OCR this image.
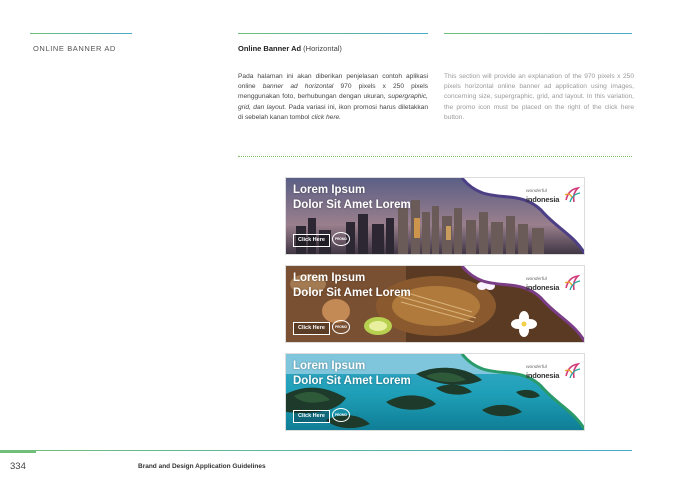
ONLINE BANNER AD	Online Banner Ad (Horizontal)
Pada halaman ini akan diberikan penjelasan contoh aplikasi online banner ad horizontal 970 pixels x 250 pixels menggunakan foto, berhubungan dengan ukuran, supergraphic, grid, dan layout. Pada variasi ini, ikon promosi harus diletakkan di sebelah kanan tombol click here.
This section will provide an explanation of the 970 pixels x 250 pixels horizontal online banner ad application using images, concerning size, supergraphic, grid, and layout. In this variation, the promo icon must be placed on the right of the click here button.
Lorem Ipsum
Dolor Sit Amet Lorem
Click Here	PROMO
wonderful
indonesia
Lorem Ipsum
Dolor Sit Amet Lorem
Click Here	PROMO
wonderful
indonesia
Lorem Ipsum
Dolor Sit Amet Lorem
Click Here	PROMO
wonderful
indonesia
334	Brand and Design Application Guidelines
